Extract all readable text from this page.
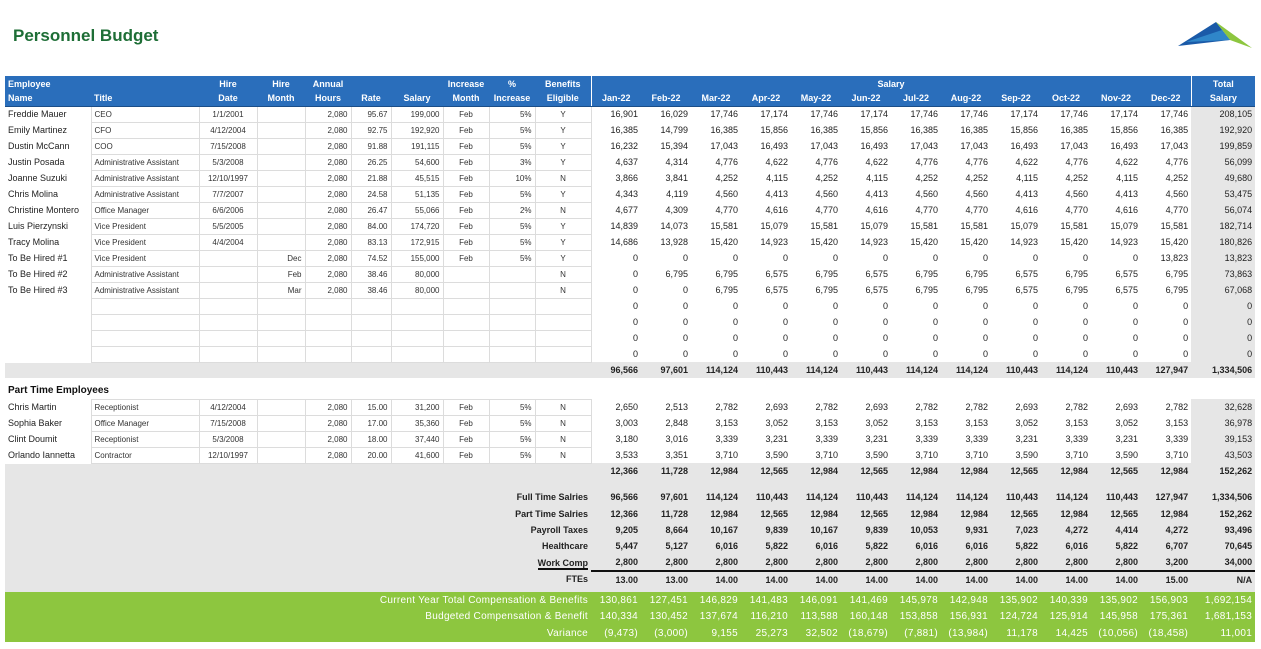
Personnel Budget
Employee		Hire	Hire	Annual			Increase	%	Benefits	Salary												Total
Name	Title	Date	Month	Hours	Rate	Salary	Month	Increase	Eligible	Jan-22	Feb-22	Mar-22	Apr-22	May-22	Jun-22	Jul-22	Aug-22	Sep-22	Oct-22	Nov-22	Dec-22	Salary
Freddie Mauer	CEO	1/1/2001		2,080	95.67	199,000	Feb	5%	Y	16,901	16,029	17,746	17,174	17,746	17,174	17,746	17,746	17,174	17,746	17,174	17,746	208,105
Emily Martinez	CFO	4/12/2004		2,080	92.75	192,920	Feb	5%	Y	16,385	14,799	16,385	15,856	16,385	15,856	16,385	16,385	15,856	16,385	15,856	16,385	192,920
Dustin McCann	COO	7/15/2008		2,080	91.88	191,115	Feb	5%	Y	16,232	15,394	17,043	16,493	17,043	16,493	17,043	17,043	16,493	17,043	16,493	17,043	199,859
Justin Posada	Administrative Assistant	5/3/2008		2,080	26.25	54,600	Feb	3%	Y	4,637	4,314	4,776	4,622	4,776	4,622	4,776	4,776	4,622	4,776	4,622	4,776	56,099
Joanne Suzuki	Administrative Assistant	12/10/1997		2,080	21.88	45,515	Feb	10%	N	3,866	3,841	4,252	4,115	4,252	4,115	4,252	4,252	4,115	4,252	4,115	4,252	49,680
Chris Molina	Administrative Assistant	7/7/2007		2,080	24.58	51,135	Feb	5%	Y	4,343	4,119	4,560	4,413	4,560	4,413	4,560	4,560	4,413	4,560	4,413	4,560	53,475
Christine Montero	Office Manager	6/6/2006		2,080	26.47	55,066	Feb	2%	N	4,677	4,309	4,770	4,616	4,770	4,616	4,770	4,770	4,616	4,770	4,616	4,770	56,074
Luis Pierzynski	Vice President	5/5/2005		2,080	84.00	174,720	Feb	5%	Y	14,839	14,073	15,581	15,079	15,581	15,079	15,581	15,581	15,079	15,581	15,079	15,581	182,714
Tracy Molina	Vice President	4/4/2004		2,080	83.13	172,915	Feb	5%	Y	14,686	13,928	15,420	14,923	15,420	14,923	15,420	15,420	14,923	15,420	14,923	15,420	180,826
To Be Hired #1	Vice President		Dec	2,080	74.52	155,000	Feb	5%	Y	0	0	0	0	0	0	0	0	0	0	0	13,823	13,823
To Be Hired #2	Administrative Assistant		Feb	2,080	38.46	80,000			N	0	6,795	6,795	6,575	6,795	6,575	6,795	6,795	6,575	6,795	6,575	6,795	73,863
To Be Hired #3	Administrative Assistant		Mar	2,080	38.46	80,000			N	0	0	6,795	6,575	6,795	6,575	6,795	6,795	6,575	6,795	6,575	6,795	67,068
										0	0	0	0	0	0	0	0	0	0	0	0	0
										0	0	0	0	0	0	0	0	0	0	0	0	0
										0	0	0	0	0	0	0	0	0	0	0	0	0
										0	0	0	0	0	0	0	0	0	0	0	0	0
										96,566	97,601	114,124	110,443	114,124	110,443	114,124	114,124	110,443	114,124	110,443	127,947	1,334,506

Part Time Employees																						
Chris Martin	Receptionist	4/12/2004		2,080	15.00	31,200	Feb	5%	N	2,650	2,513	2,782	2,693	2,782	2,693	2,782	2,782	2,693	2,782	2,693	2,782	32,628
Sophia Baker	Office Manager	7/15/2008		2,080	17.00	35,360	Feb	5%	N	3,003	2,848	3,153	3,052	3,153	3,052	3,153	3,153	3,052	3,153	3,052	3,153	36,978
Clint Doumit	Receptionist	5/3/2008		2,080	18.00	37,440	Feb	5%	N	3,180	3,016	3,339	3,231	3,339	3,231	3,339	3,339	3,231	3,339	3,231	3,339	39,153
Orlando Iannetta	Contractor	12/10/1997		2,080	20.00	41,600	Feb	5%	N	3,533	3,351	3,710	3,590	3,710	3,590	3,710	3,710	3,590	3,710	3,590	3,710	43,503
										12,366	11,728	12,984	12,565	12,984	12,565	12,984	12,984	12,565	12,984	12,565	12,984	152,262

Full Time Salries										96,566	97,601	114,124	110,443	114,124	110,443	114,124	114,124	110,443	114,124	110,443	127,947	1,334,506
Part Time Salries										12,366	11,728	12,984	12,565	12,984	12,565	12,984	12,984	12,565	12,984	12,565	12,984	152,262
Payroll Taxes										9,205	8,664	10,167	9,839	10,167	9,839	10,053	9,931	7,023	4,272	4,414	4,272	93,496
Healthcare										5,447	5,127	6,016	5,822	6,016	5,822	6,016	6,016	5,822	6,016	5,822	6,707	70,645
Work Comp										2,800	2,800	2,800	2,800	2,800	2,800	2,800	2,800	2,800	2,800	2,800	3,200	34,000
FTEs										13.00	13.00	14.00	14.00	14.00	14.00	14.00	14.00	14.00	14.00	14.00	15.00	N/A

Current Year Total Compensation & Benefits										130,861	127,451	146,829	141,483	146,091	141,469	145,978	142,948	135,902	140,339	135,902	156,903	1,692,154
Budgeted Compensation & Benefit										140,334	130,452	137,674	116,210	113,588	160,148	153,858	156,931	124,724	125,914	145,958	175,361	1,681,153
Variance										(9,473)	(3,000)	9,155	25,273	32,502	(18,679)	(7,881)	(13,984)	11,178	14,425	(10,056)	(18,458)	11,001
